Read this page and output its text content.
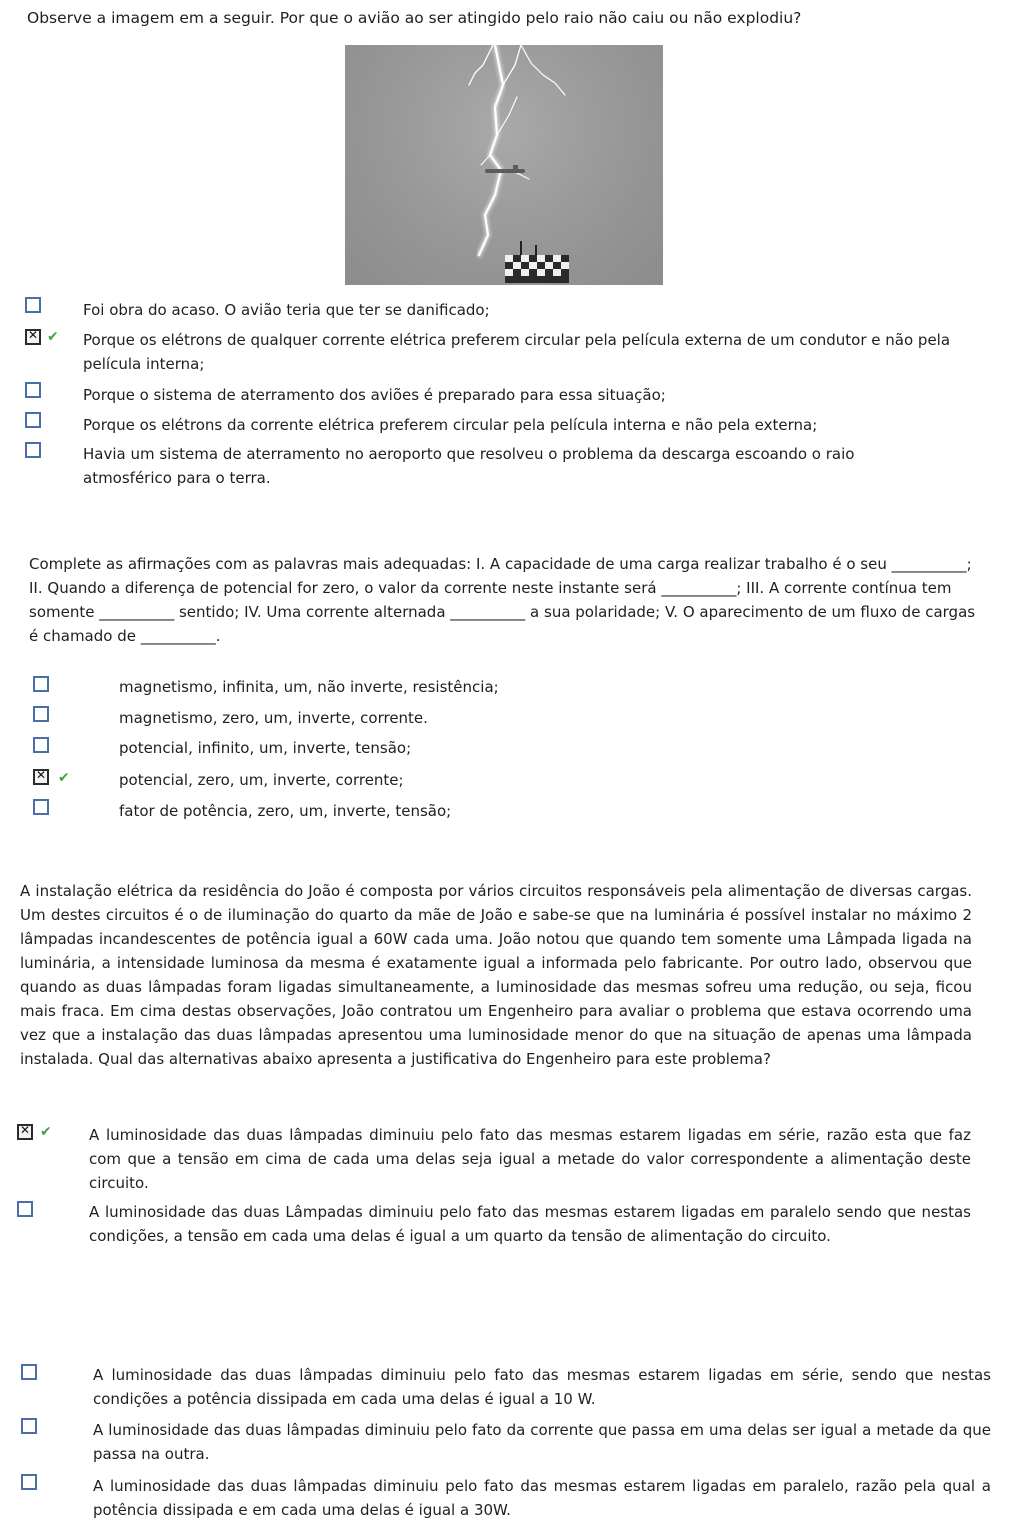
Observe a imagem em a seguir. Por que o avião ao ser atingido pelo raio não caiu ou não explodiu?
Foi obra do acaso. O avião teria que ter se danificado;
✕
✔ Porque os elétrons de qualquer corrente elétrica preferem circular pela película externa de um condutor e não pela película interna;
Porque o sistema de aterramento dos aviões é preparado para essa situação;
Porque os elétrons da corrente elétrica preferem circular pela película interna e não pela externa;
Havia um sistema de aterramento no aeroporto que resolveu o problema da descarga escoando o raio atmosférico para o terra.
Complete as afirmações com as palavras mais adequadas: I. A capacidade de uma carga realizar trabalho é o seu __________; II. Quando a diferença de potencial for zero, o valor da corrente neste instante será __________; III. A corrente contínua tem somente __________ sentido; IV. Uma corrente alternada __________ a sua polaridade; V. O aparecimento de um fluxo de cargas é chamado de __________.
magnetismo, infinita, um, não inverte, resistência;
magnetismo, zero, um, inverte, corrente.
potencial, infinito, um, inverte, tensão;
✕
✔	potencial, zero, um, inverte, corrente;
fator de potência, zero, um, inverte, tensão;
A instalação elétrica da residência do João é composta por vários circuitos responsáveis pela alimentação de diversas cargas. Um destes circuitos é o de iluminação do quarto da mãe de João e sabe-se que na luminária é possível instalar no máximo 2 lâmpadas incandescentes de potência igual a 60W cada uma. João notou que quando tem somente uma Lâmpada ligada na luminária, a intensidade luminosa da mesma é exatamente igual a informada pelo fabricante. Por outro lado, observou que quando as duas lâmpadas foram ligadas simultaneamente, a luminosidade das mesmas sofreu uma redução, ou seja, ficou mais fraca. Em cima destas observações, João contratou um Engenheiro para avaliar o problema que estava ocorrendo uma vez que a instalação das duas lâmpadas apresentou uma luminosidade menor do que na situação de apenas uma lâmpada instalada. Qual das alternativas abaixo apresenta a justificativa do Engenheiro para este problema?
✕
✔ A luminosidade das duas lâmpadas diminuiu pelo fato das mesmas estarem ligadas em série, razão esta que faz com que a tensão em cima de cada uma delas seja igual a metade do valor correspondente a alimentação deste circuito.
A luminosidade das duas Lâmpadas diminuiu pelo fato das mesmas estarem ligadas em paralelo sendo que nestas condições, a tensão em cada uma delas é igual a um quarto da tensão de alimentação do circuito.
A luminosidade das duas lâmpadas diminuiu pelo fato das mesmas estarem ligadas em série, sendo que nestas condições a potência dissipada em cada uma delas é igual a 10 W.
A luminosidade das duas lâmpadas diminuiu pelo fato da corrente que passa em uma delas ser igual a metade da que passa na outra.
A luminosidade das duas lâmpadas diminuiu pelo fato das mesmas estarem ligadas em paralelo, razão pela qual a potência dissipada e em cada uma delas é igual a 30W.
